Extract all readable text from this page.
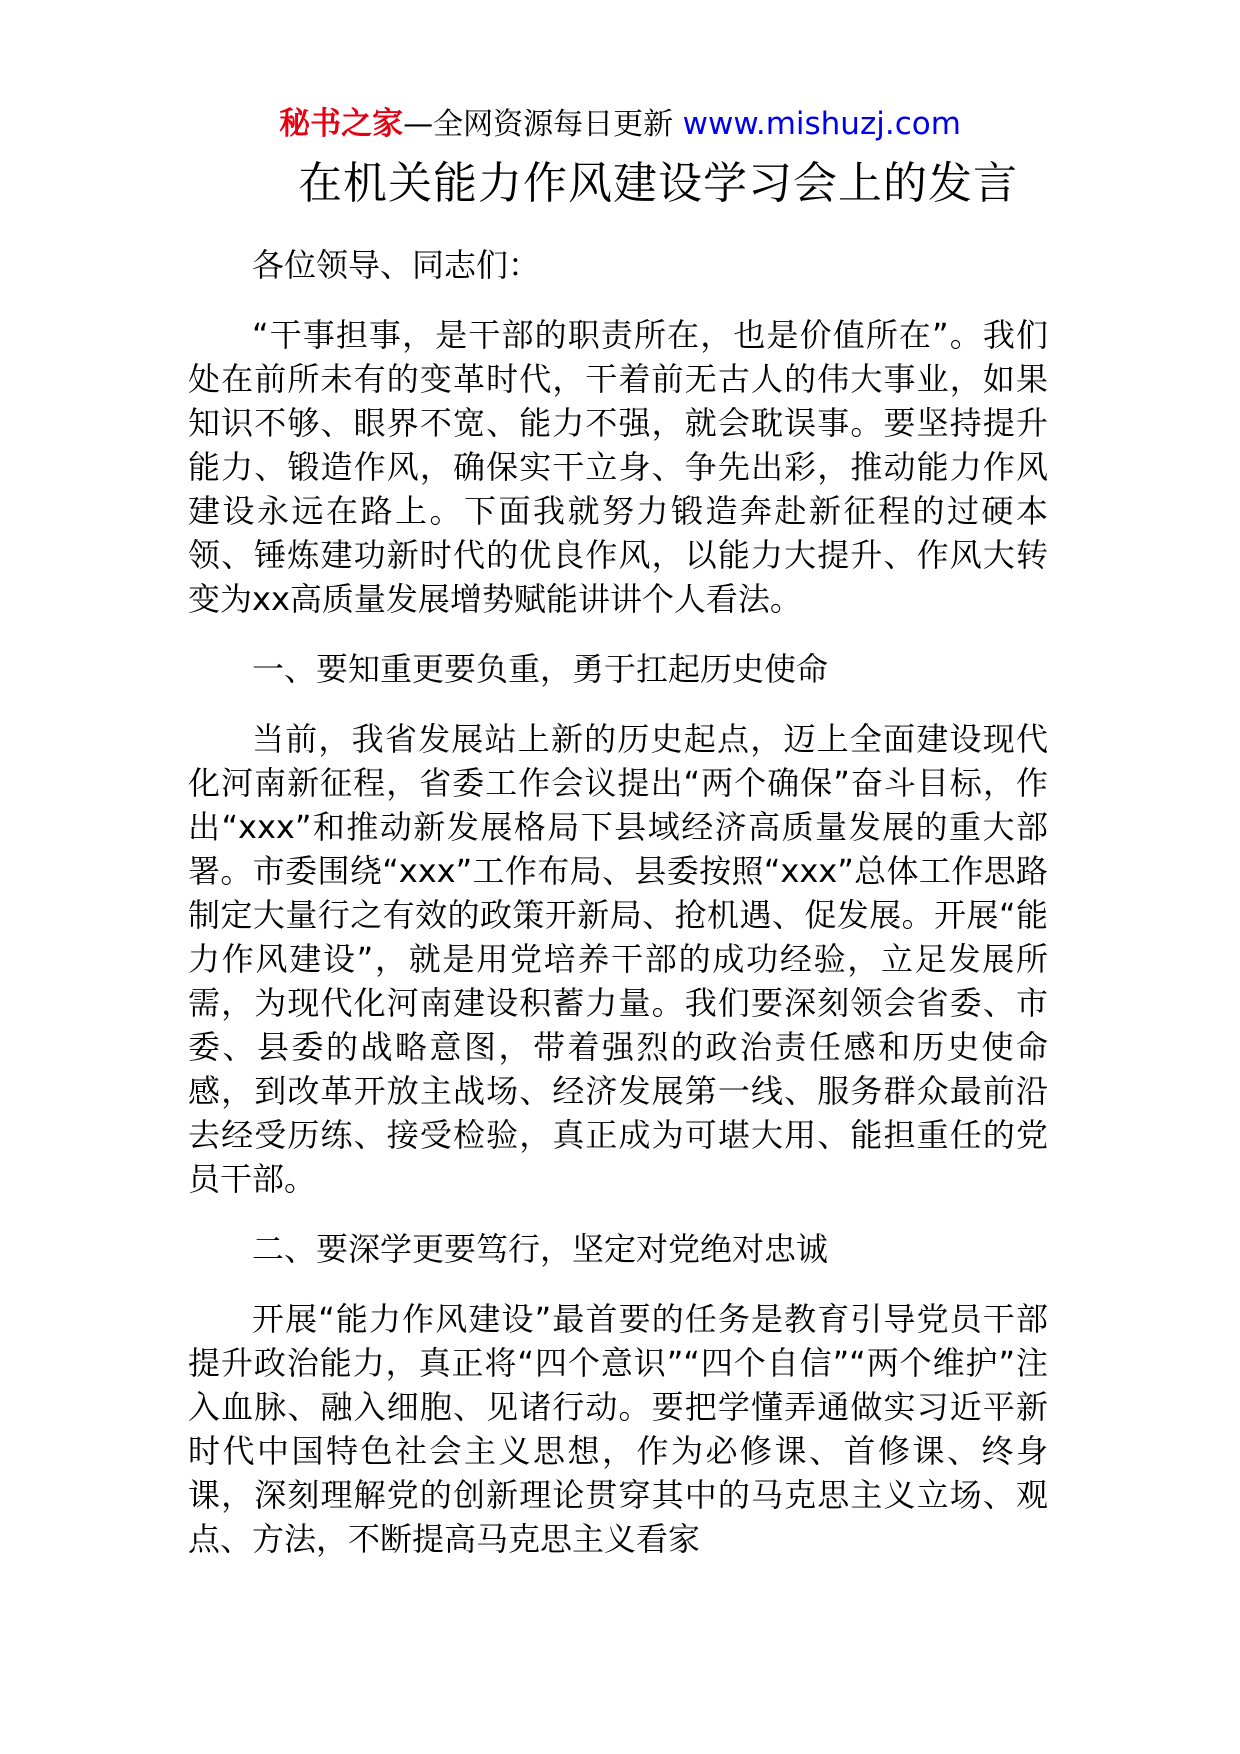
秘书之家—全网资源每日更新 www.mishuzj.com
在机关能力作风建设学习会上的发言

各位领导、同志们：

“干事担事，是干部的职责所在，也是价值所在”。我们处在前所未有的变革时代，干着前无古人的伟大事业，如果知识不够、眼界不宽、能力不强，就会耽误事。要坚持提升能力、锻造作风，确保实干立身、争先出彩，推动能力作风建设永远在路上。下面我就努力锻造奔赴新征程的过硬本领、锤炼建功新时代的优良作风，以能力大提升、作风大转变为xx高质量发展增势赋能讲讲个人看法。

一、要知重更要负重，勇于扛起历史使命

当前，我省发展站上新的历史起点，迈上全面建设现代化河南新征程，省委工作会议提出“两个确保”奋斗目标，作出“xxx”和推动新发展格局下县域经济高质量发展的重大部署。市委围绕“xxx”工作布局、县委按照“xxx”总体工作思路制定大量行之有效的政策开新局、抢机遇、促发展。开展“能力作风建设”，就是用党培养干部的成功经验，立足发展所需，为现代化河南建设积蓄力量。我们要深刻领会省委、市委、县委的战略意图，带着强烈的政治责任感和历史使命感，到改革开放主战场、经济发展第一线、服务群众最前沿去经受历练、接受检验，真正成为可堪大用、能担重任的党员干部。

二、要深学更要笃行，坚定对党绝对忠诚

开展“能力作风建设”最首要的任务是教育引导党员干部提升政治能力，真正将“四个意识”“四个自信”“两个维护”注入血脉、融入细胞、见诸行动。要把学懂弄通做实习近平新时代中国特色社会主义思想，作为必修课、首修课、终身课，深刻理解党的创新理论贯穿其中的马克思主义立场、观点、方法，不断提高马克思主义看家
